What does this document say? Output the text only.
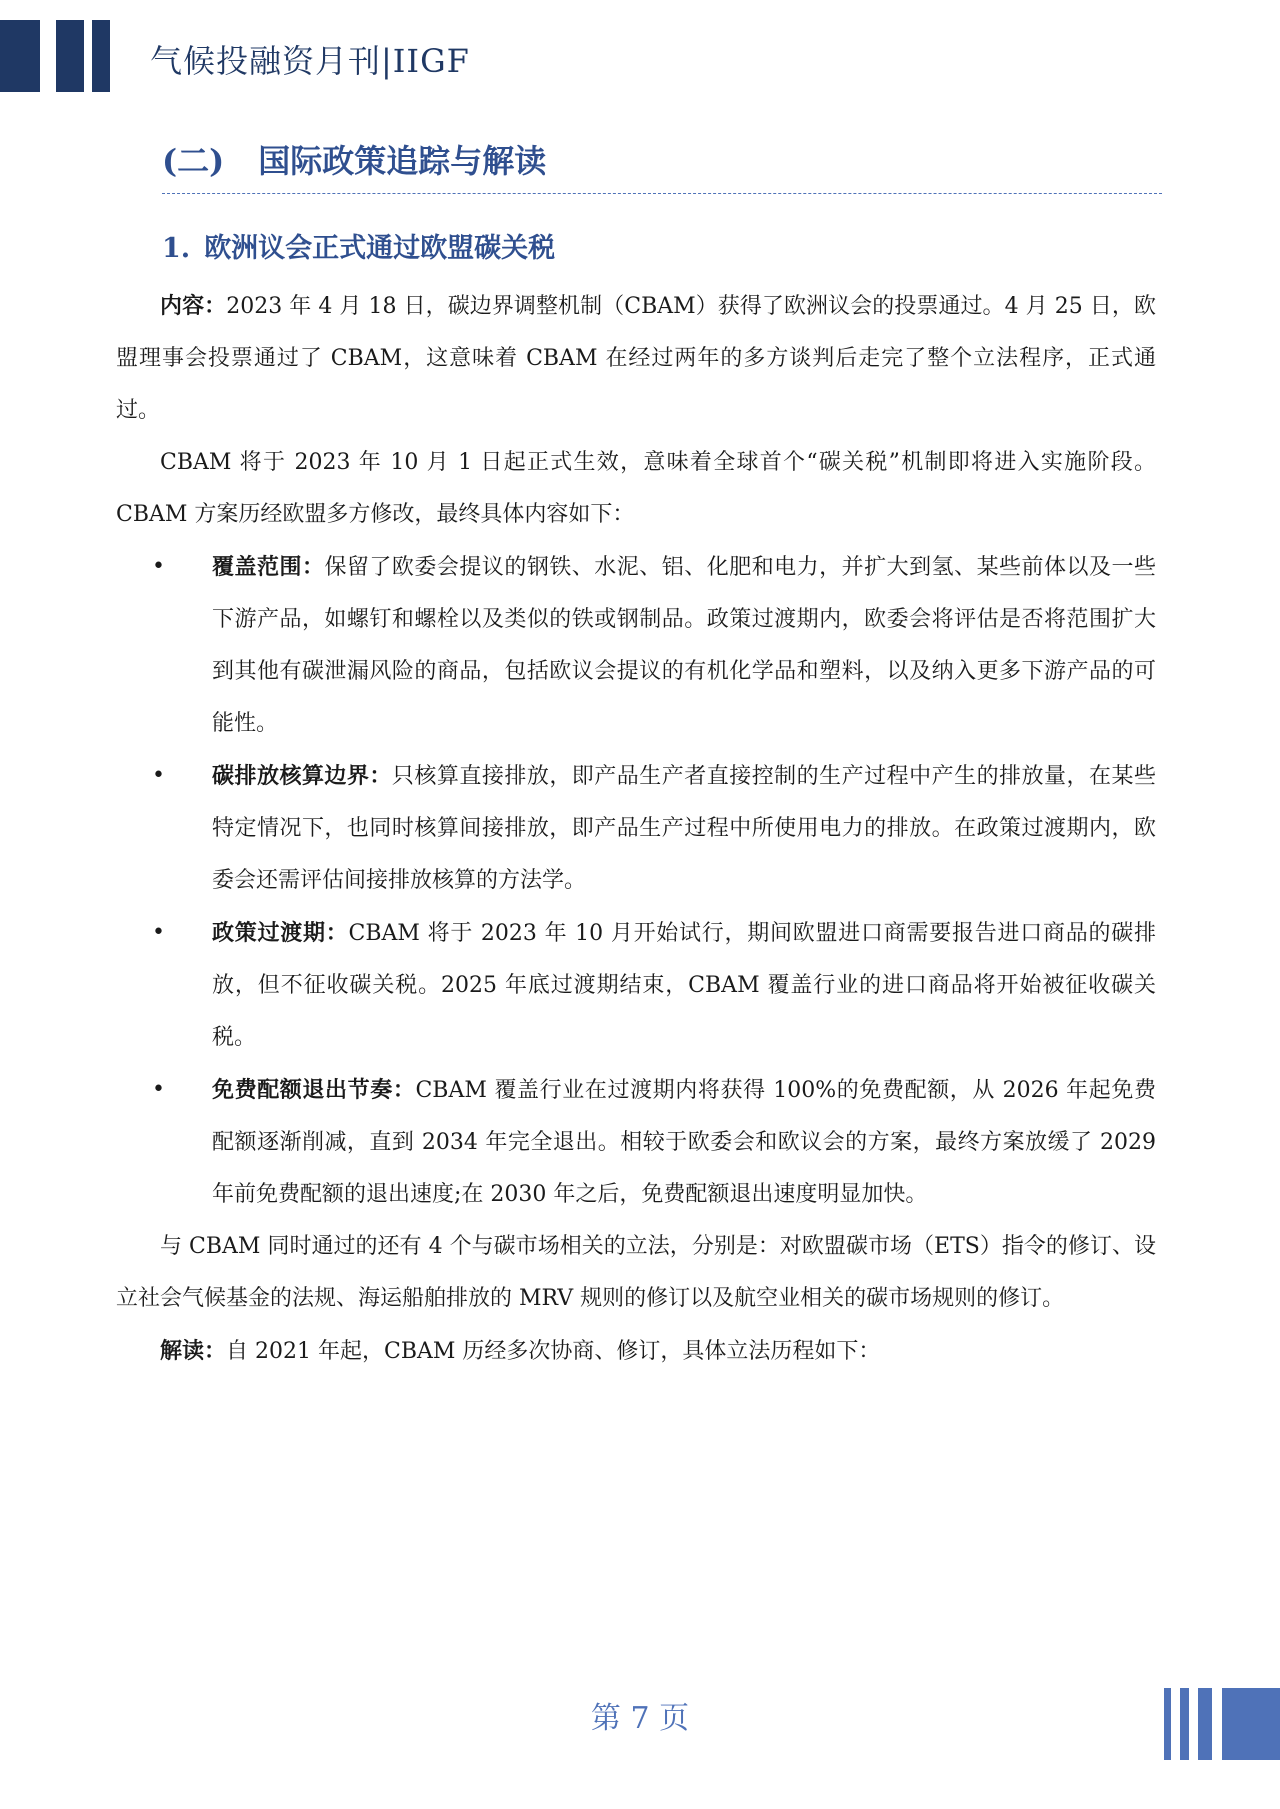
气候投融资月刊|IIGF
(二) 国际政策追踪与解读
1. 欧洲议会正式通过欧盟碳关税

内容：2023 年 4 月 18 日，碳边界调整机制（CBAM）获得了欧洲议会的投票通过。4 月 25 日，欧盟理事会投票通过了 CBAM，这意味着 CBAM 在经过两年的多方谈判后走完了整个立法程序，正式通过。

CBAM 将于 2023 年 10 月 1 日起正式生效，意味着全球首个“碳关税”机制即将进入实施阶段。CBAM 方案历经欧盟多方修改，最终具体内容如下：

• 覆盖范围：保留了欧委会提议的钢铁、水泥、铝、化肥和电力，并扩大到氢、某些前体以及一些下游产品，如螺钉和螺栓以及类似的铁或钢制品。政策过渡期内，欧委会将评估是否将范围扩大到其他有碳泄漏风险的商品，包括欧议会提议的有机化学品和塑料，以及纳入更多下游产品的可能性。
• 碳排放核算边界：只核算直接排放，即产品生产者直接控制的生产过程中产生的排放量，在某些特定情况下，也同时核算间接排放，即产品生产过程中所使用电力的排放。在政策过渡期内，欧委会还需评估间接排放核算的方法学。
• 政策过渡期：CBAM 将于 2023 年 10 月开始试行，期间欧盟进口商需要报告进口商品的碳排放，但不征收碳关税。2025 年底过渡期结束，CBAM 覆盖行业的进口商品将开始被征收碳关税。
• 免费配额退出节奏：CBAM 覆盖行业在过渡期内将获得 100%的免费配额，从 2026 年起免费配额逐渐削减，直到 2034 年完全退出。相较于欧委会和欧议会的方案，最终方案放缓了 2029 年前免费配额的退出速度;在 2030 年之后，免费配额退出速度明显加快。

与 CBAM 同时通过的还有 4 个与碳市场相关的立法，分别是：对欧盟碳市场（ETS）指令的修订、设立社会气候基金的法规、海运船舶排放的 MRV 规则的修订以及航空业相关的碳市场规则的修订。

解读：自 2021 年起，CBAM 历经多次协商、修订，具体立法历程如下：

第 7 页
